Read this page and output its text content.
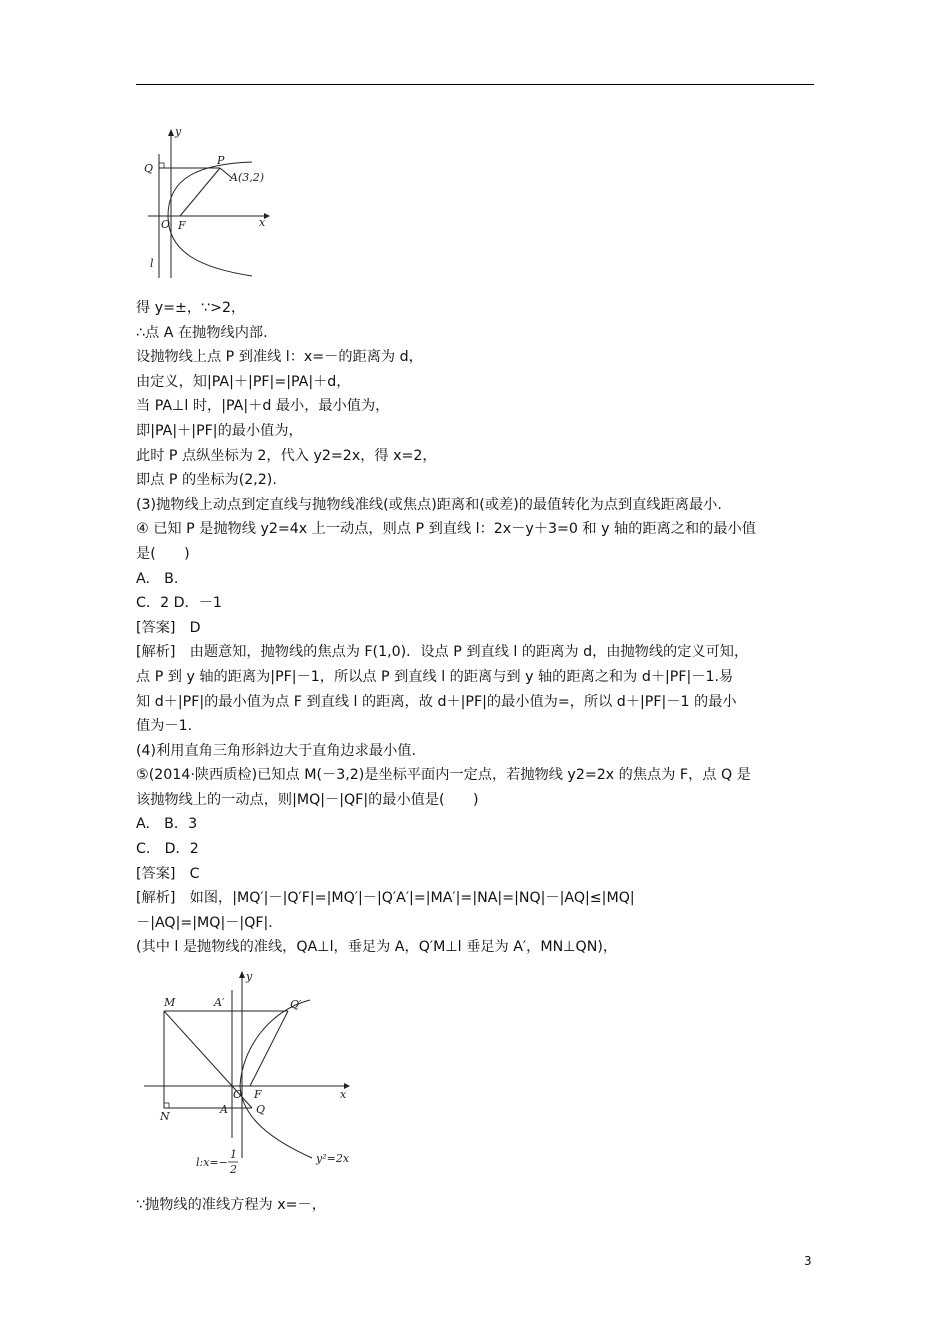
y
x
Q
P
A(3,2)
O F
l
得 y=±，∵>2，
∴点 A 在抛物线内部.
设抛物线上点 P 到准线 l：x=－的距离为 d，
由定义，知|PA|＋|PF|=|PA|＋d，
当 PA⊥l 时，|PA|＋d 最小，最小值为，
即|PA|＋|PF|的最小值为，
此时 P 点纵坐标为 2，代入 y2=2x，得 x=2，
即点 P 的坐标为(2,2).
(3)抛物线上动点到定直线与抛物线准线(或焦点)距离和(或差)的最值转化为点到直线距离最小.
④ 已知 P 是抛物线 y2=4x 上一动点，则点 P 到直线 l：2x－y＋3=0 和 y 轴的距离之和的最小值
是(　　)
A.　B.
C．2 D．－1
[答案]　D
[解析]　由题意知，抛物线的焦点为 F(1,0)．设点 P 到直线 l 的距离为 d，由抛物线的定义可知，
点 P 到 y 轴的距离为|PF|－1，所以点 P 到直线 l 的距离与到 y 轴的距离之和为 d＋|PF|－1.易
知 d＋|PF|的最小值为点 F 到直线 l 的距离，故 d＋|PF|的最小值为=，所以 d＋|PF|－1 的最小
值为－1.
(4)利用直角三角形斜边大于直角边求最小值.
⑤(2014·陕西质检)已知点 M(－3,2)是坐标平面内一定点，若抛物线 y2=2x 的焦点为 F，点 Q 是
该抛物线上的一动点，则|MQ|－|QF|的最小值是(　　)
A.　B．3
C.　D．2
[答案]　C
[解析]　如图，|MQ′|－|Q′F|=|MQ′|－|Q′A′|=|MA′|=|NA|=|NQ|－|AQ|≤|MQ|
－|AQ|=|MQ|－|QF|.
(其中 l 是抛物线的准线，QA⊥l，垂足为 A，Q′M⊥l 垂足为 A′，MN⊥QN)，
y
x
M	A′	Q′
O F
N
A	Q
y²=2x
l:x=−
1
2
∵抛物线的准线方程为 x=－，
3
